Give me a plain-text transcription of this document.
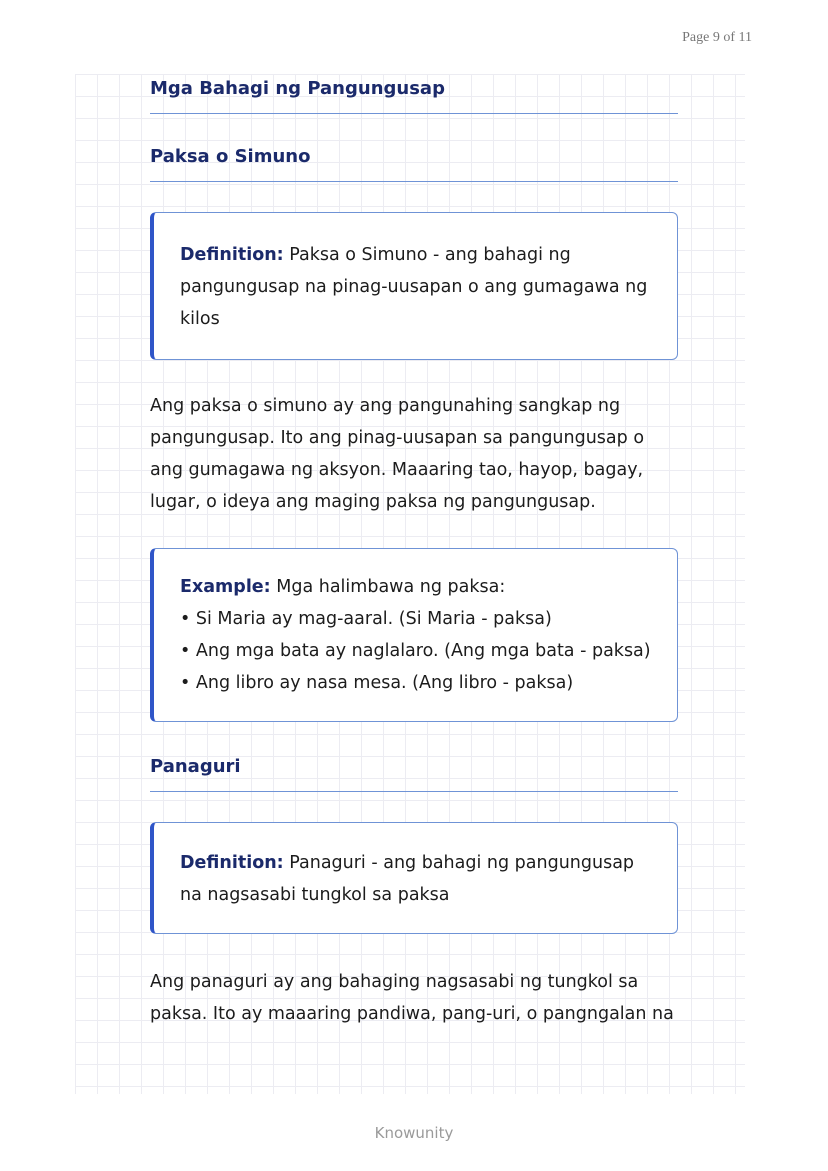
Page 9 of 11
Mga Bahagi ng Pangungusap
Paksa o Simuno
Definition: Paksa o Simuno - ang bahagi ng pangungusap na pinag-uusapan o ang gumagawa ng kilos

Ang paksa o simuno ay ang pangunahing sangkap ng pangungusap. Ito ang pinag-uusapan sa pangungusap o ang gumagawa ng aksyon. Maaaring tao, hayop, bagay, lugar, o ideya ang maging paksa ng pangungusap.

Example: Mga halimbawa ng paksa:
• Si Maria ay mag-aaral. (Si Maria - paksa)
• Ang mga bata ay naglalaro. (Ang mga bata - paksa)
• Ang libro ay nasa mesa. (Ang libro - paksa)
Panaguri
Definition: Panaguri - ang bahagi ng pangungusap na nagsasabi tungkol sa paksa

Ang panaguri ay ang bahaging nagsasabi ng tungkol sa paksa. Ito ay maaaring pandiwa, pang-uri, o pangngalan na

Knowunity
